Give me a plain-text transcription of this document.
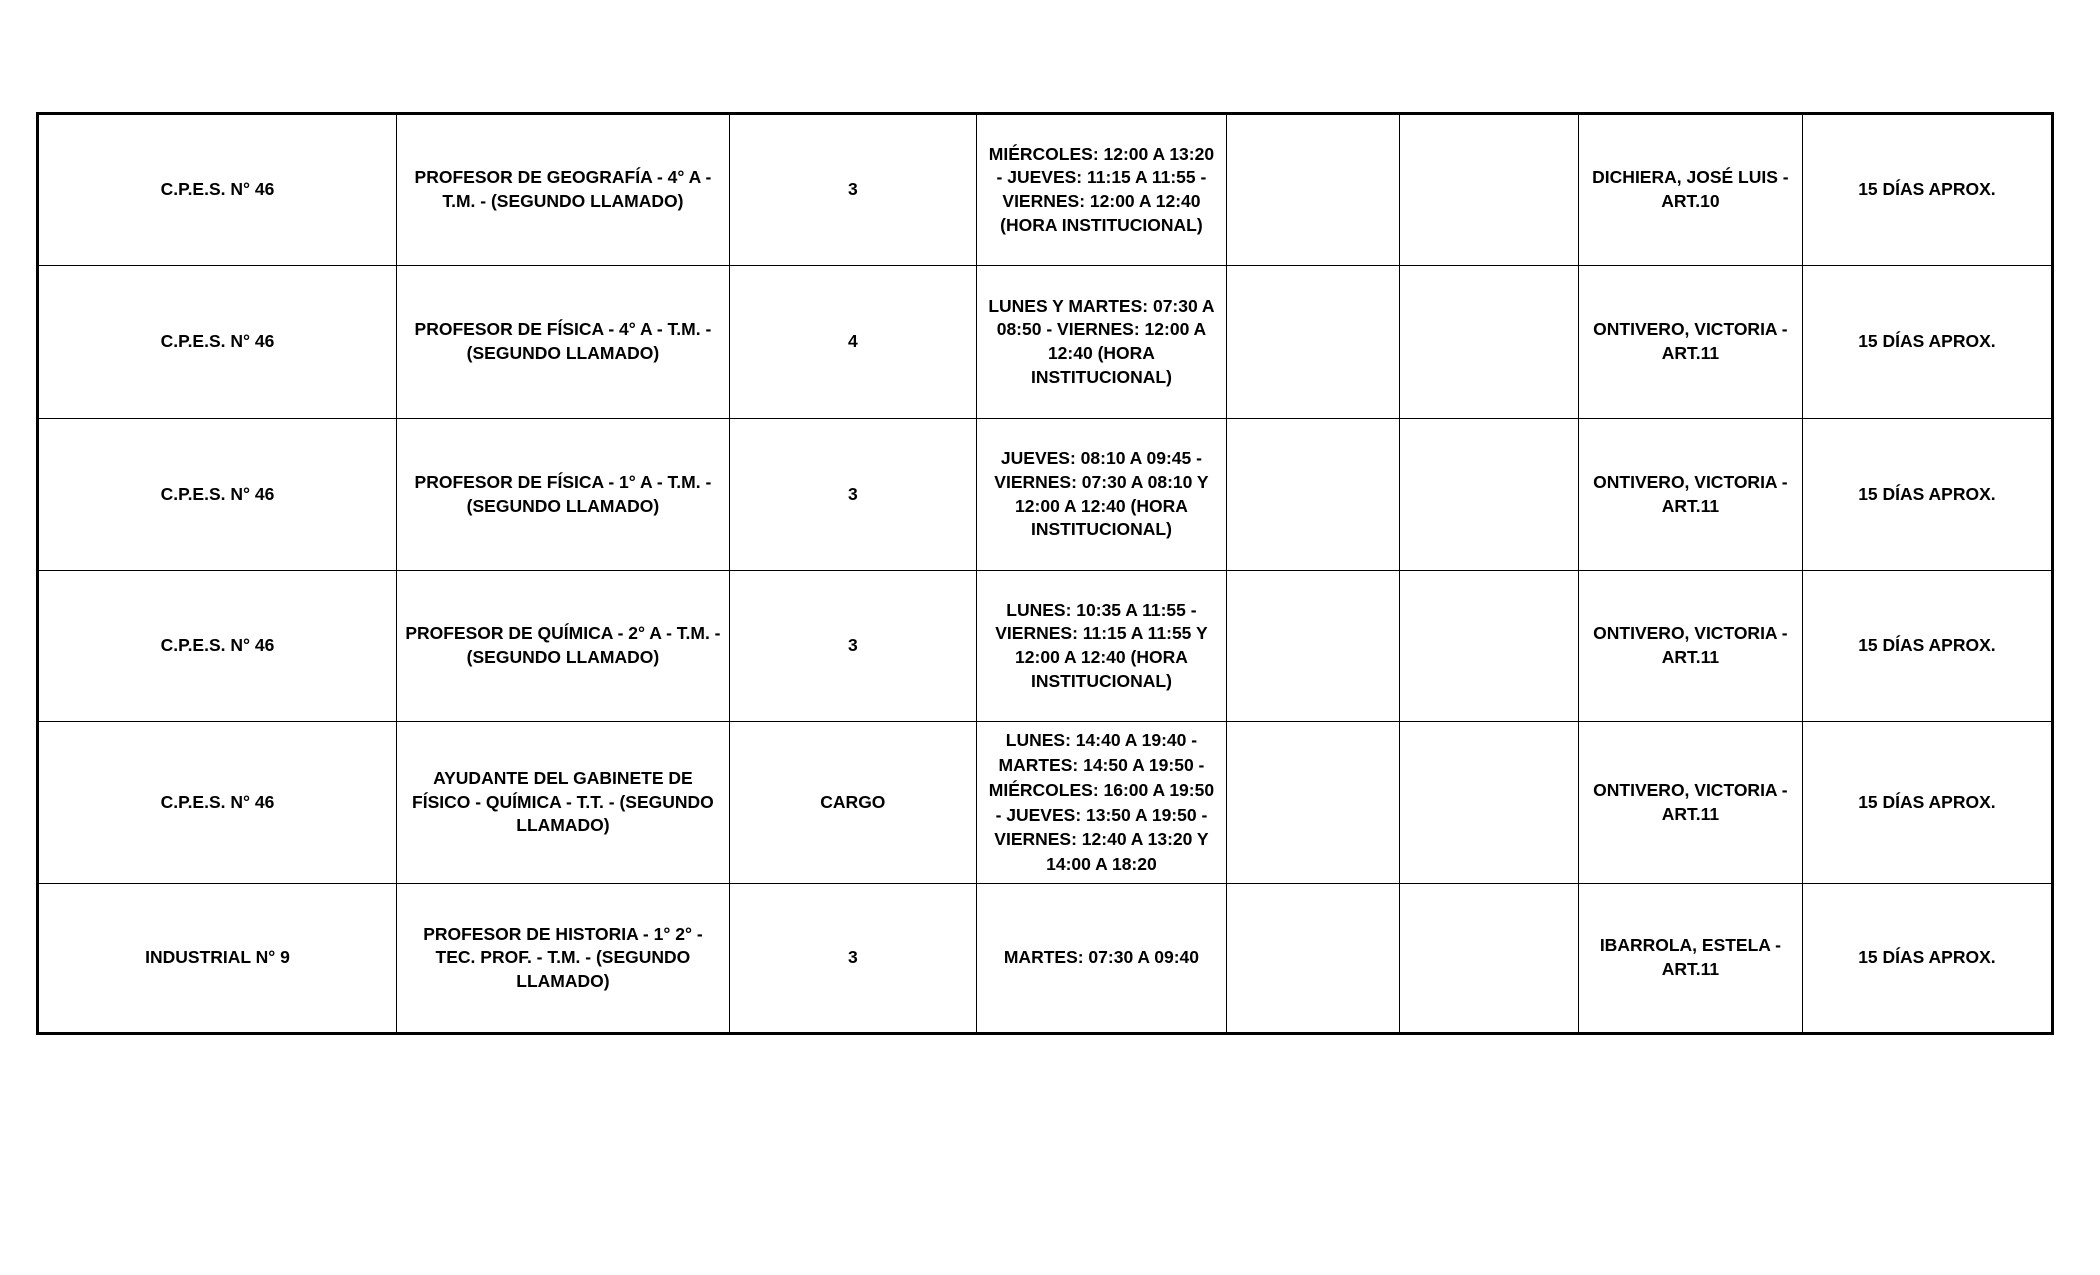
C.P.E.S. N° 46	PROFESOR DE GEOGRAFÍA - 4° A - T.M. - (SEGUNDO LLAMADO)	3	MIÉRCOLES: 12:00 A 13:20 - JUEVES: 11:15 A 11:55 - VIERNES: 12:00 A 12:40 (HORA INSTITUCIONAL)			DICHIERA, JOSÉ LUIS - ART.10	15 DÍAS APROX.
C.P.E.S. N° 46	PROFESOR DE FÍSICA - 4° A - T.M. - (SEGUNDO LLAMADO)	4	LUNES Y MARTES: 07:30 A 08:50 - VIERNES: 12:00 A 12:40 (HORA INSTITUCIONAL)			ONTIVERO, VICTORIA - ART.11	15 DÍAS APROX.
C.P.E.S. N° 46	PROFESOR DE FÍSICA - 1° A - T.M. - (SEGUNDO LLAMADO)	3	JUEVES: 08:10 A 09:45 - VIERNES: 07:30 A 08:10 Y 12:00 A 12:40 (HORA INSTITUCIONAL)			ONTIVERO, VICTORIA - ART.11	15 DÍAS APROX.
C.P.E.S. N° 46	PROFESOR DE QUÍMICA - 2° A - T.M. - (SEGUNDO LLAMADO)	3	LUNES: 10:35 A 11:55 - VIERNES: 11:15 A 11:55 Y 12:00 A 12:40 (HORA INSTITUCIONAL)			ONTIVERO, VICTORIA - ART.11	15 DÍAS APROX.
C.P.E.S. N° 46	AYUDANTE DEL GABINETE DE FÍSICO - QUÍMICA - T.T. - (SEGUNDO LLAMADO)	CARGO	LUNES: 14:40 A 19:40 - MARTES: 14:50 A 19:50 - MIÉRCOLES: 16:00 A 19:50 - JUEVES: 13:50 A 19:50 - VIERNES: 12:40 A 13:20 Y 14:00 A 18:20			ONTIVERO, VICTORIA - ART.11	15 DÍAS APROX.
INDUSTRIAL N° 9	PROFESOR DE HISTORIA - 1° 2° - TEC. PROF. - T.M. - (SEGUNDO LLAMADO)	3	MARTES: 07:30 A 09:40			IBARROLA, ESTELA - ART.11	15 DÍAS APROX.
